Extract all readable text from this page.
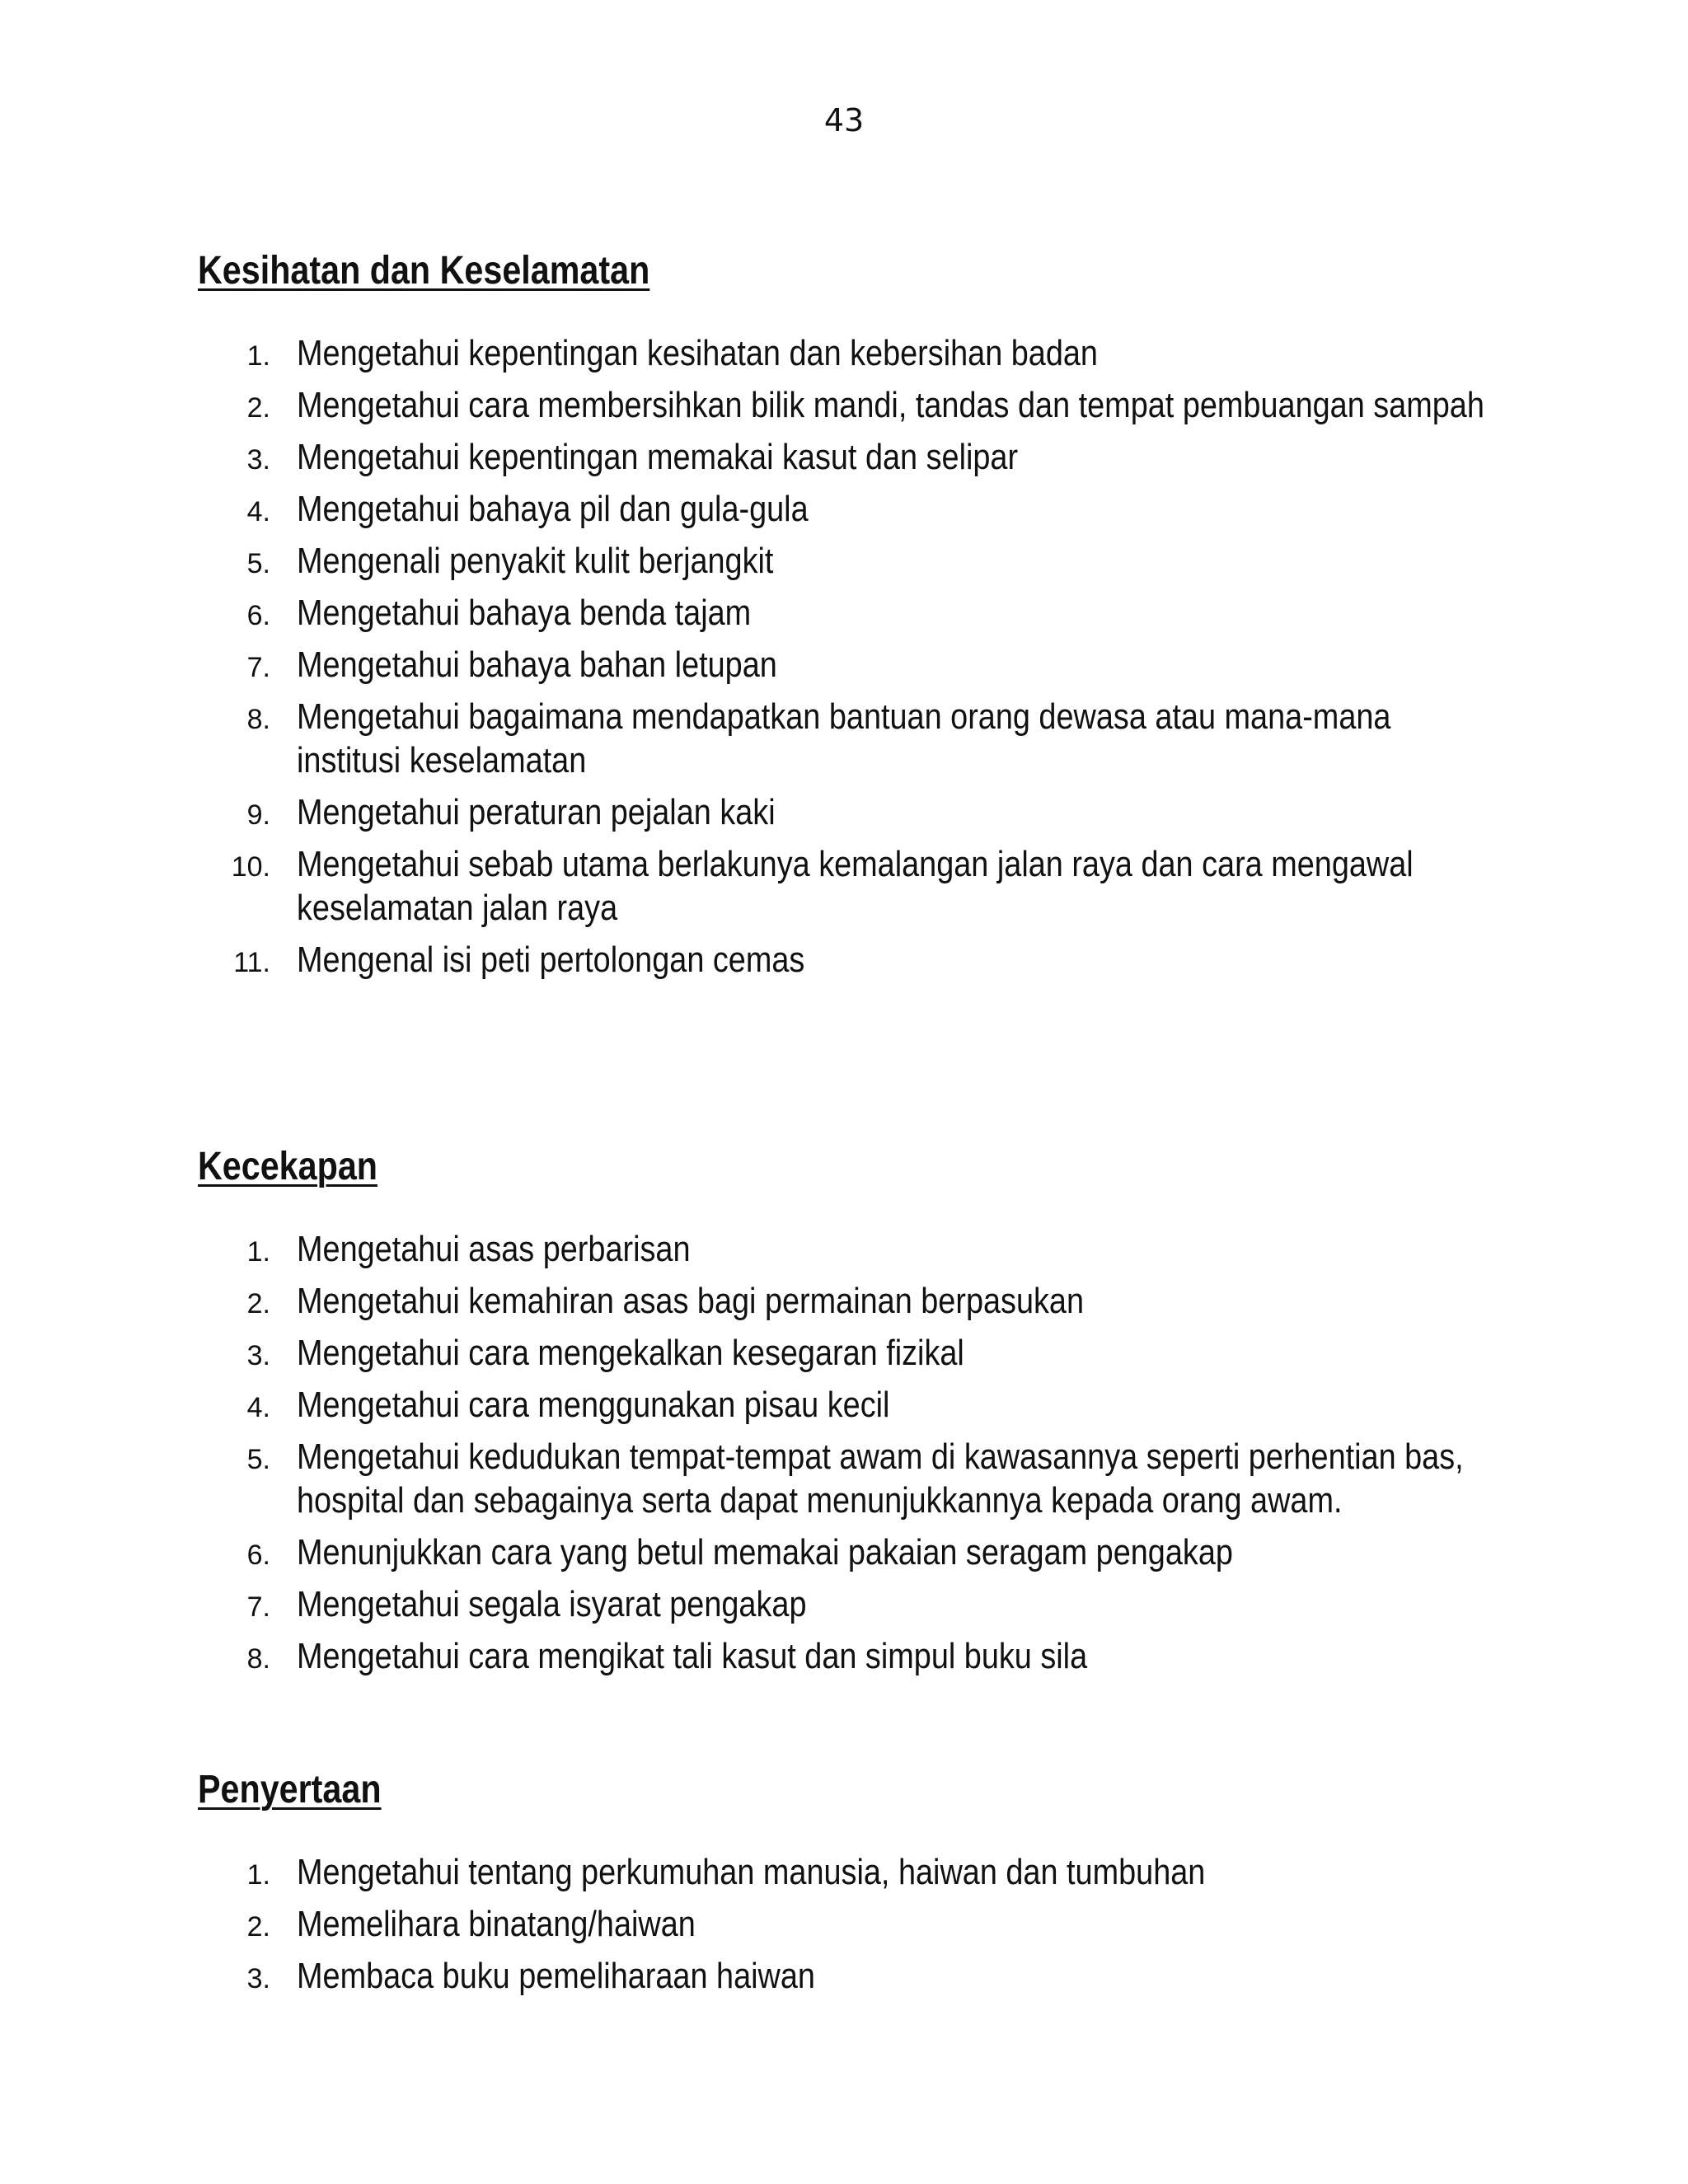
43
Kesihatan dan Keselamatan
1. Mengetahui kepentingan kesihatan dan kebersihan badan
2. Mengetahui cara membersihkan bilik mandi, tandas dan tempat pembuangan sampah
3. Mengetahui kepentingan memakai kasut dan selipar
4. Mengetahui bahaya pil dan gula-gula
5. Mengenali penyakit kulit berjangkit
6. Mengetahui bahaya benda tajam
7. Mengetahui bahaya bahan letupan
8. Mengetahui bagaimana mendapatkan bantuan orang dewasa atau mana-mana institusi keselamatan
9. Mengetahui peraturan pejalan kaki
10. Mengetahui sebab utama berlakunya kemalangan jalan raya dan cara mengawal keselamatan jalan raya
11. Mengenal isi peti pertolongan cemas
Kecekapan
1. Mengetahui asas perbarisan
2. Mengetahui kemahiran asas bagi permainan berpasukan
3. Mengetahui cara mengekalkan kesegaran fizikal
4. Mengetahui cara menggunakan pisau kecil
5. Mengetahui kedudukan tempat-tempat awam di kawasannya seperti perhentian bas, hospital dan sebagainya serta dapat menunjukkannya kepada orang awam.
6. Menunjukkan cara yang betul memakai pakaian seragam pengakap
7. Mengetahui segala isyarat pengakap
8. Mengetahui cara mengikat tali kasut dan simpul buku sila
Penyertaan
1. Mengetahui tentang perkumuhan manusia, haiwan dan tumbuhan
2. Memelihara binatang/haiwan
3. Membaca buku pemeliharaan haiwan
